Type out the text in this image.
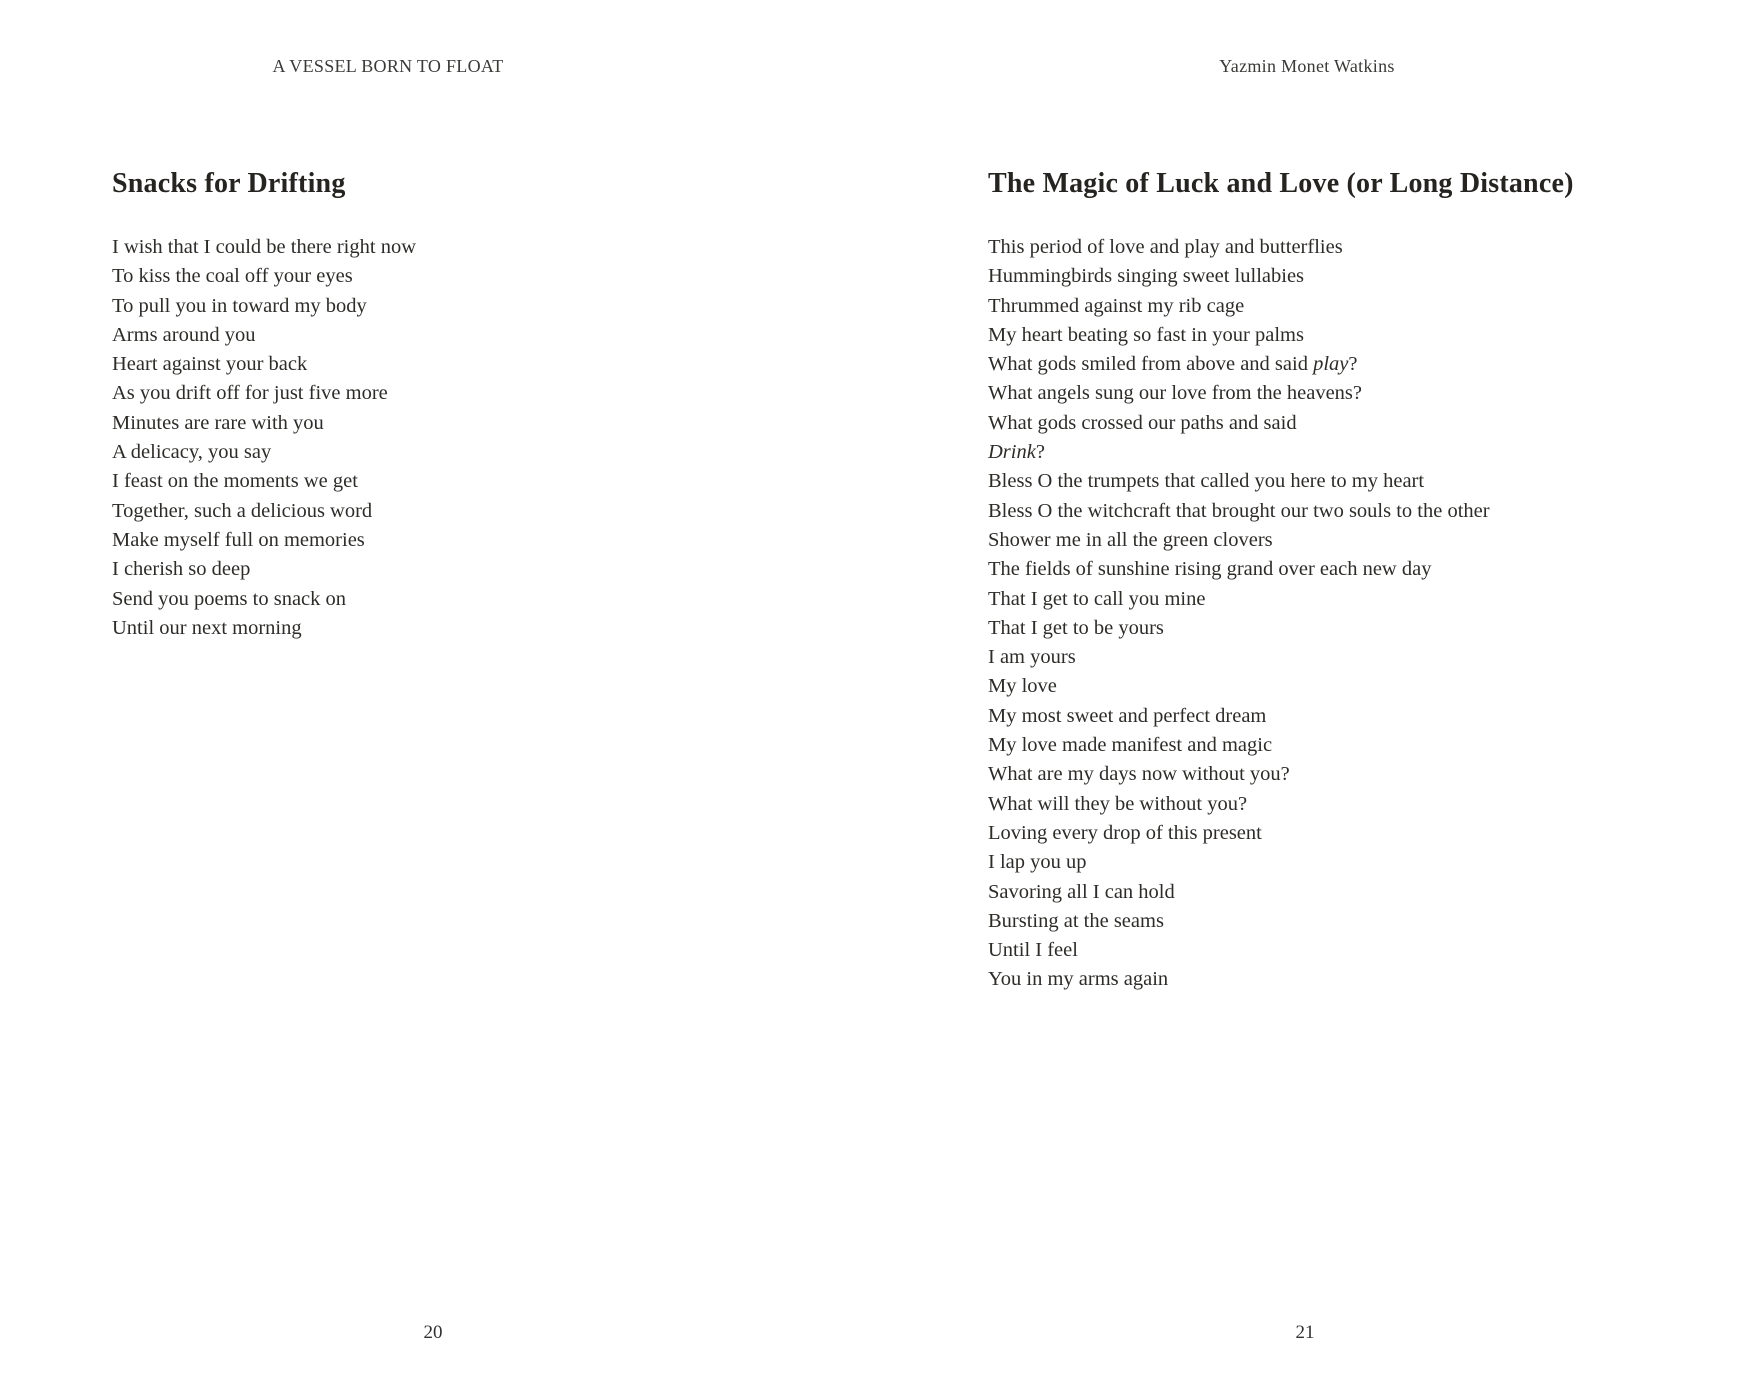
A VESSEL BORN TO FLOAT
Snacks for Drifting
I wish that I could be there right now
To kiss the coal off your eyes
To pull you in toward my body
Arms around you
Heart against your back
As you drift off for just five more
Minutes are rare with you
A delicacy, you say
I feast on the moments we get
Together, such a delicious word
Make myself full on memories
I cherish so deep
Send you poems to snack on
Until our next morning
20
Yazmin Monet Watkins
The Magic of Luck and Love (or Long Distance)
This period of love and play and butterflies
Hummingbirds singing sweet lullabies
Thrummed against my rib cage
My heart beating so fast in your palms
What gods smiled from above and said play?
What angels sung our love from the heavens?
What gods crossed our paths and said
Drink?
Bless O the trumpets that called you here to my heart
Bless O the witchcraft that brought our two souls to the other
Shower me in all the green clovers
The fields of sunshine rising grand over each new day
That I get to call you mine
That I get to be yours
I am yours
My love
My most sweet and perfect dream
My love made manifest and magic
What are my days now without you?
What will they be without you?
Loving every drop of this present
I lap you up
Savoring all I can hold
Bursting at the seams
Until I feel
You in my arms again
21
